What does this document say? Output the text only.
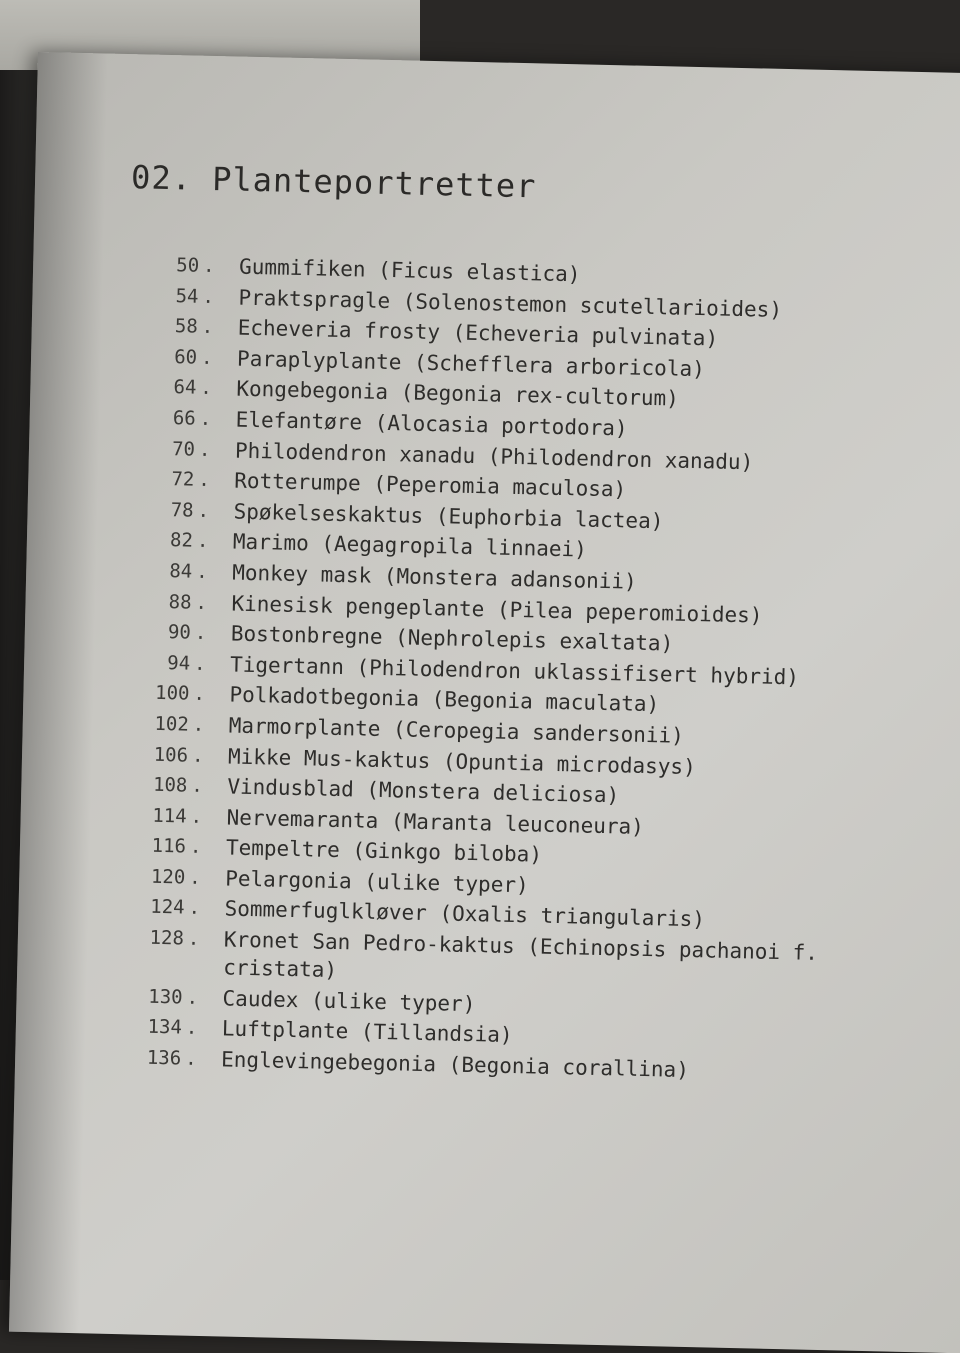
02. Planteportretter
50 .	Gummifiken (Ficus elastica)
54 .	Praktspragle (Solenostemon scutellarioides)
58 .	Echeveria frosty (Echeveria pulvinata)
60 .	Paraplyplante (Schefflera arboricola)
64 .	Kongebegonia (Begonia rex-cultorum)
66 .	Elefantøre (Alocasia portodora)
70 .	Philodendron xanadu (Philodendron xanadu)
72 .	Rotterumpe (Peperomia maculosa)
78 .	Spøkelseskaktus (Euphorbia lactea)
82 .	Marimo (Aegagropila linnaei)
84 .	Monkey mask (Monstera adansonii)
88 .	Kinesisk pengeplante (Pilea peperomioides)
90 .	Bostonbregne (Nephrolepis exaltata)
94 .	Tigertann (Philodendron uklassifisert hybrid)
100 .	Polkadotbegonia (Begonia maculata)
102 .	Marmorplante (Ceropegia sandersonii)
106 .	Mikke Mus-kaktus (Opuntia microdasys)
108 .	Vindusblad (Monstera deliciosa)
114 .	Nervemaranta (Maranta leuconeura)
116 .	Tempeltre (Ginkgo biloba)
120 .	Pelargonia (ulike typer)
124 .	Sommerfuglkløver (Oxalis triangularis)
128 .	Kronet San Pedro-kaktus (Echinopsis pachanoi f. cristata)
130 .	Caudex (ulike typer)
134 .	Luftplante (Tillandsia)
136 .	Englevingebegonia (Begonia corallina)
